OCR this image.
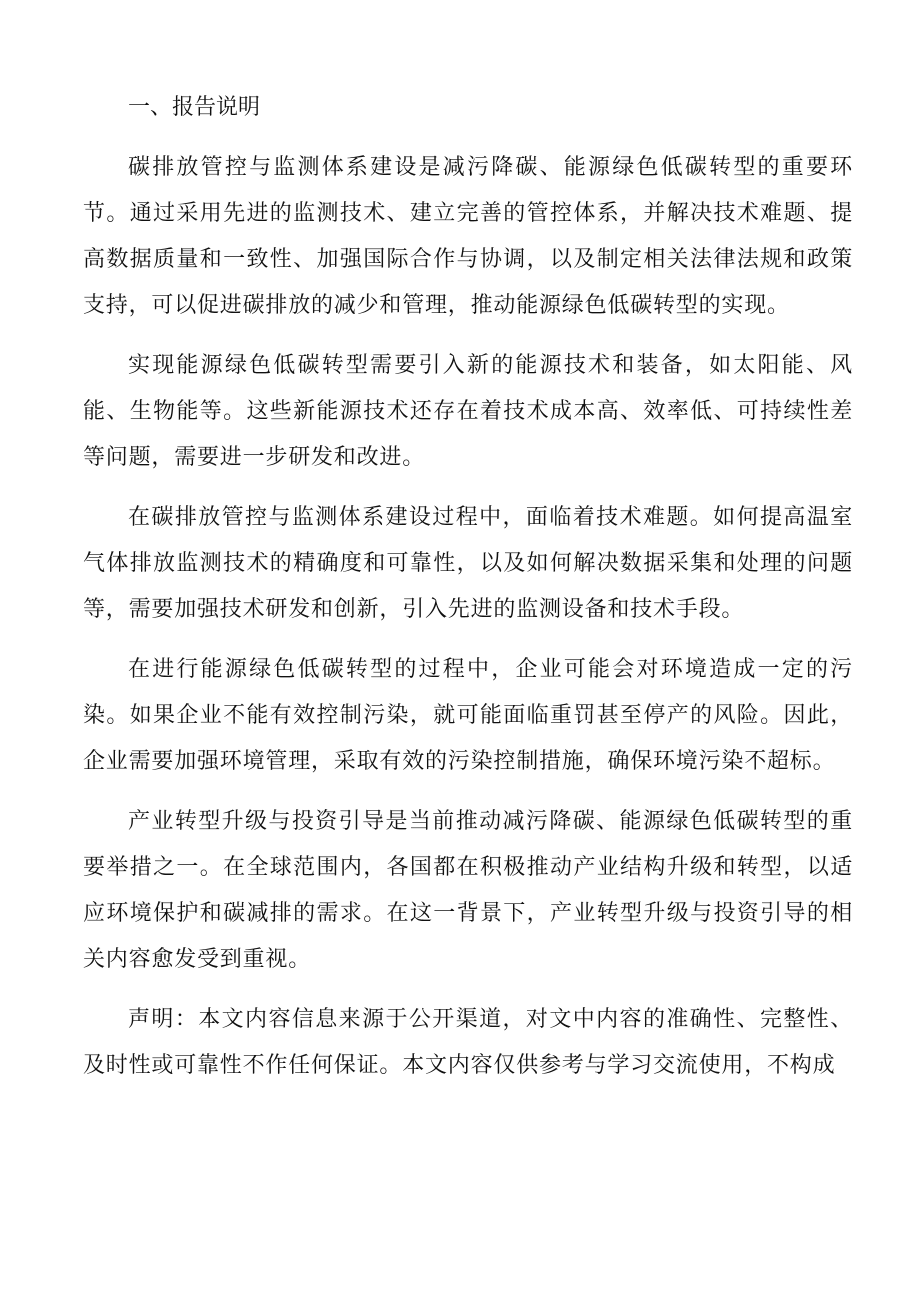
一、报告说明

碳排放管控与监测体系建设是减污降碳、能源绿色低碳转型的重要环节。通过采用先进的监测技术、建立完善的管控体系，并解决技术难题、提高数据质量和一致性、加强国际合作与协调，以及制定相关法律法规和政策支持，可以促进碳排放的减少和管理，推动能源绿色低碳转型的实现。

实现能源绿色低碳转型需要引入新的能源技术和装备，如太阳能、风能、生物能等。这些新能源技术还存在着技术成本高、效率低、可持续性差等问题，需要进一步研发和改进。

在碳排放管控与监测体系建设过程中，面临着技术难题。如何提高温室气体排放监测技术的精确度和可靠性，以及如何解决数据采集和处理的问题等，需要加强技术研发和创新，引入先进的监测设备和技术手段。

在进行能源绿色低碳转型的过程中，企业可能会对环境造成一定的污染。如果企业不能有效控制污染，就可能面临重罚甚至停产的风险。因此，企业需要加强环境管理，采取有效的污染控制措施，确保环境污染不超标。

产业转型升级与投资引导是当前推动减污降碳、能源绿色低碳转型的重要举措之一。在全球范围内，各国都在积极推动产业结构升级和转型，以适应环境保护和碳减排的需求。在这一背景下，产业转型升级与投资引导的相关内容愈发受到重视。

声明：本文内容信息来源于公开渠道，对文中内容的准确性、完整性、及时性或可靠性不作任何保证。本文内容仅供参考与学习交流使用，不构成
